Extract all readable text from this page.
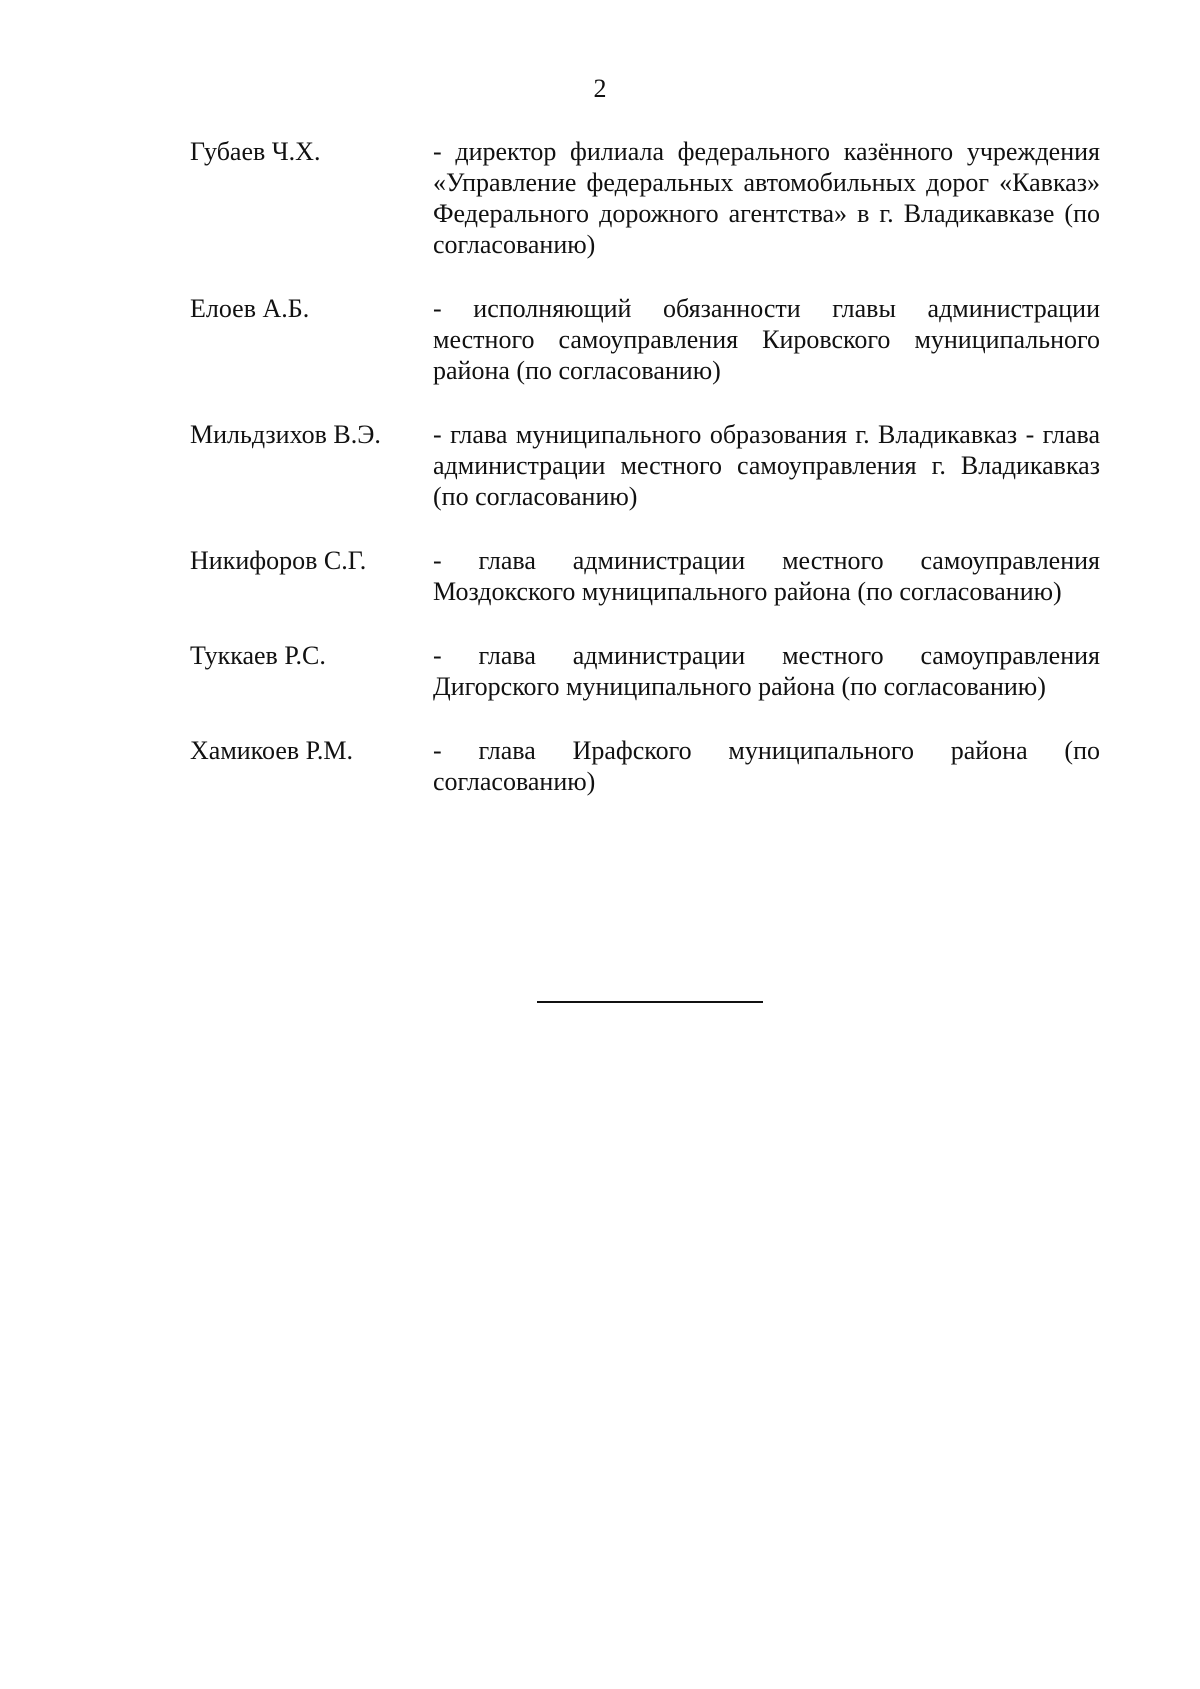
2
Губаев Ч.Х.	- директор филиала федерального казённого учреждения «Управление федеральных автомобильных дорог «Кавказ» Федерального дорожного агентства» в г. Владикавказе (по согласованию)
Елоев А.Б.	- исполняющий обязанности главы администрации местного самоуправления Кировского муниципального района (по согласованию)
Мильдзихов В.Э.	- глава муниципального образования г. Владикавказ - глава администрации местного самоуправления г. Владикавказ (по согласованию)
Никифоров С.Г.	- глава администрации местного самоуправления Моздокского муниципального района (по согласованию)
Туккаев Р.С.	- глава администрации местного самоуправления Дигорского муниципального района (по согласованию)
Хамикоев Р.М.	- глава Ирафского муниципального района (по согласованию)
